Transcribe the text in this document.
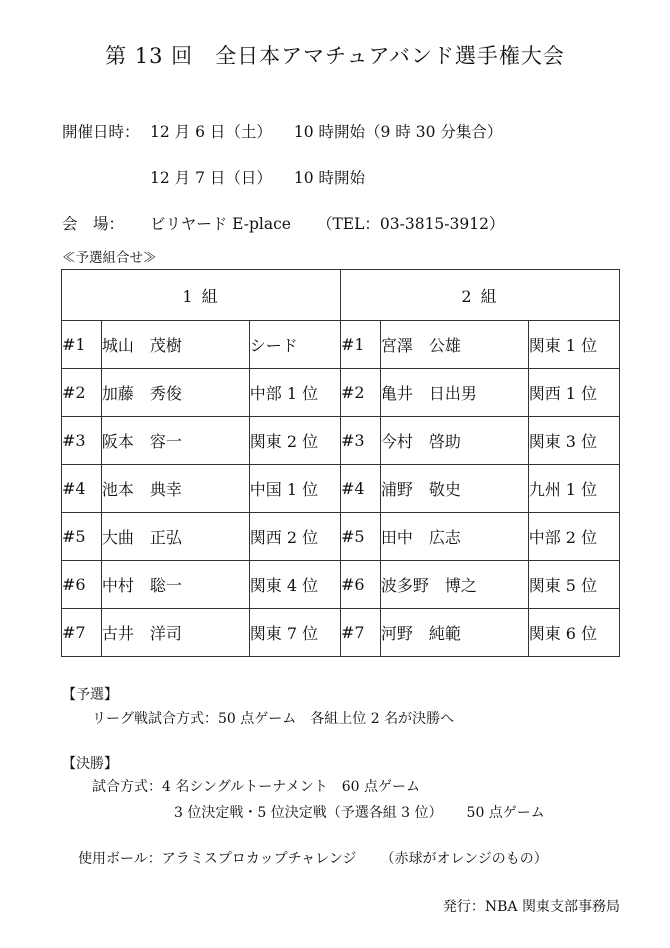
第 13 回　全日本アマチュアバンド選手権大会
開催日時： 12 月 6 日（土） 10 時開始（9 時 30 分集合）
12 月 7 日（日） 10 時開始
会　場： ビリヤード E-place （TEL：03-3815-3912）
≪予選組合せ≫
1 組			2 組		
#1	城山　茂樹	シード	#1	宮澤　公雄	関東 1 位
#2	加藤　秀俊	中部 1 位	#2	亀井　日出男	関西 1 位
#3	阪本　容一	関東 2 位	#3	今村　啓助	関東 3 位
#4	池本　典幸	中国 1 位	#4	浦野　敬史	九州 1 位
#5	大曲　正弘	関西 2 位	#5	田中　広志	中部 2 位
#6	中村　聡一	関東 4 位	#6	波多野　博之	関東 5 位
#7	古井　洋司	関東 7 位	#7	河野　純範	関東 6 位
【予選】
リーグ戦試合方式：50 点ゲーム 各組上位 2 名が決勝へ
【決勝】
試合方式：4 名シングルトーナメント 60 点ゲーム
3 位決定戦・5 位決定戦（予選各組 3 位） 50 点ゲーム
使用ボール：アラミスプロカップチャレンジ （赤球がオレンジのもの）
発行：NBA 関東支部事務局
